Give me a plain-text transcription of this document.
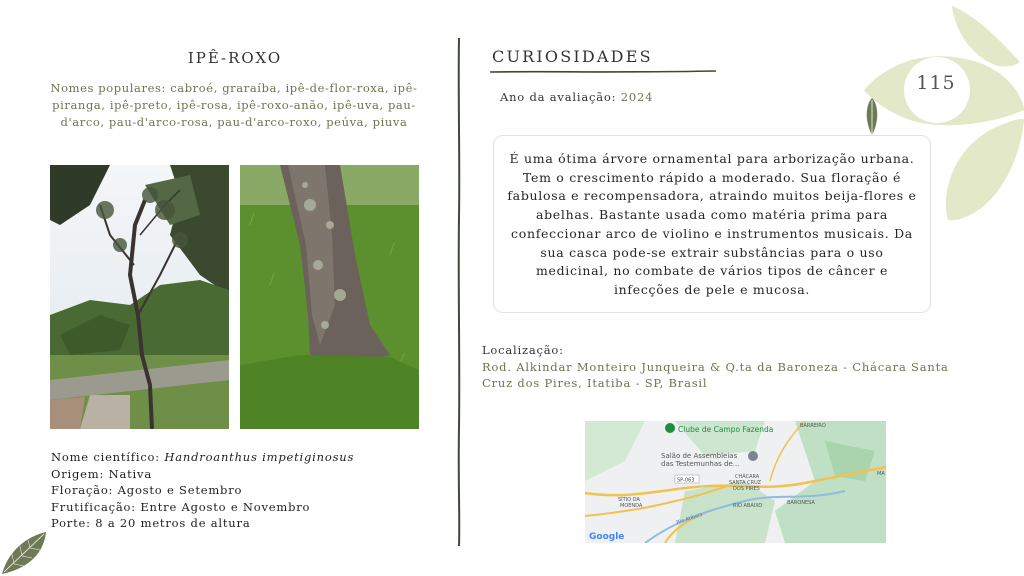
IPÊ-ROXO
Nomes populares: cabroé, graraíba, ipê-de-flor-roxa, ipê-piranga, ipê-preto, ipê-rosa, ipê-roxo-anão, ipê-uva, pau-d'arco, pau-d'arco-rosa, pau-d'arco-roxo, peúva, piuva
Nome científico: Handroanthus impetiginosus
Origem: Nativa
Floração: Agosto e Setembro
Frutificação: Entre Agosto e Novembro
Porte: 8 a 20 metros de altura
CURIOSIDADES
Ano da avaliação: 2024
É uma ótima árvore ornamental para arborização urbana. Tem o crescimento rápido a moderado. Sua floração é fabulosa e recompensadora, atraindo muitos beija-flores e abelhas. Bastante usada como matéria prima para confeccionar arco de violino e instrumentos musicais. Da sua casca pode-se extrair substâncias para o uso medicinal, no combate de vários tipos de câncer e infecções de pele e mucosa.
Localização:
Rod. Alkindar Monteiro Junqueira & Q.ta da Baroneza - Chácara Santa Cruz dos Pires, Itatiba - SP, Brasil
Clube de Campo Fazenda
Salão de Assembleias
das Testemunhas de...
BARREIRO
CHÁCARA
SANTA CRUZ
DOS PIRES
BARONESA
SÍTIO DA
MOENDA	RIO ABAIXO
SP-063
Rio Atibaia
MA
Google
115
